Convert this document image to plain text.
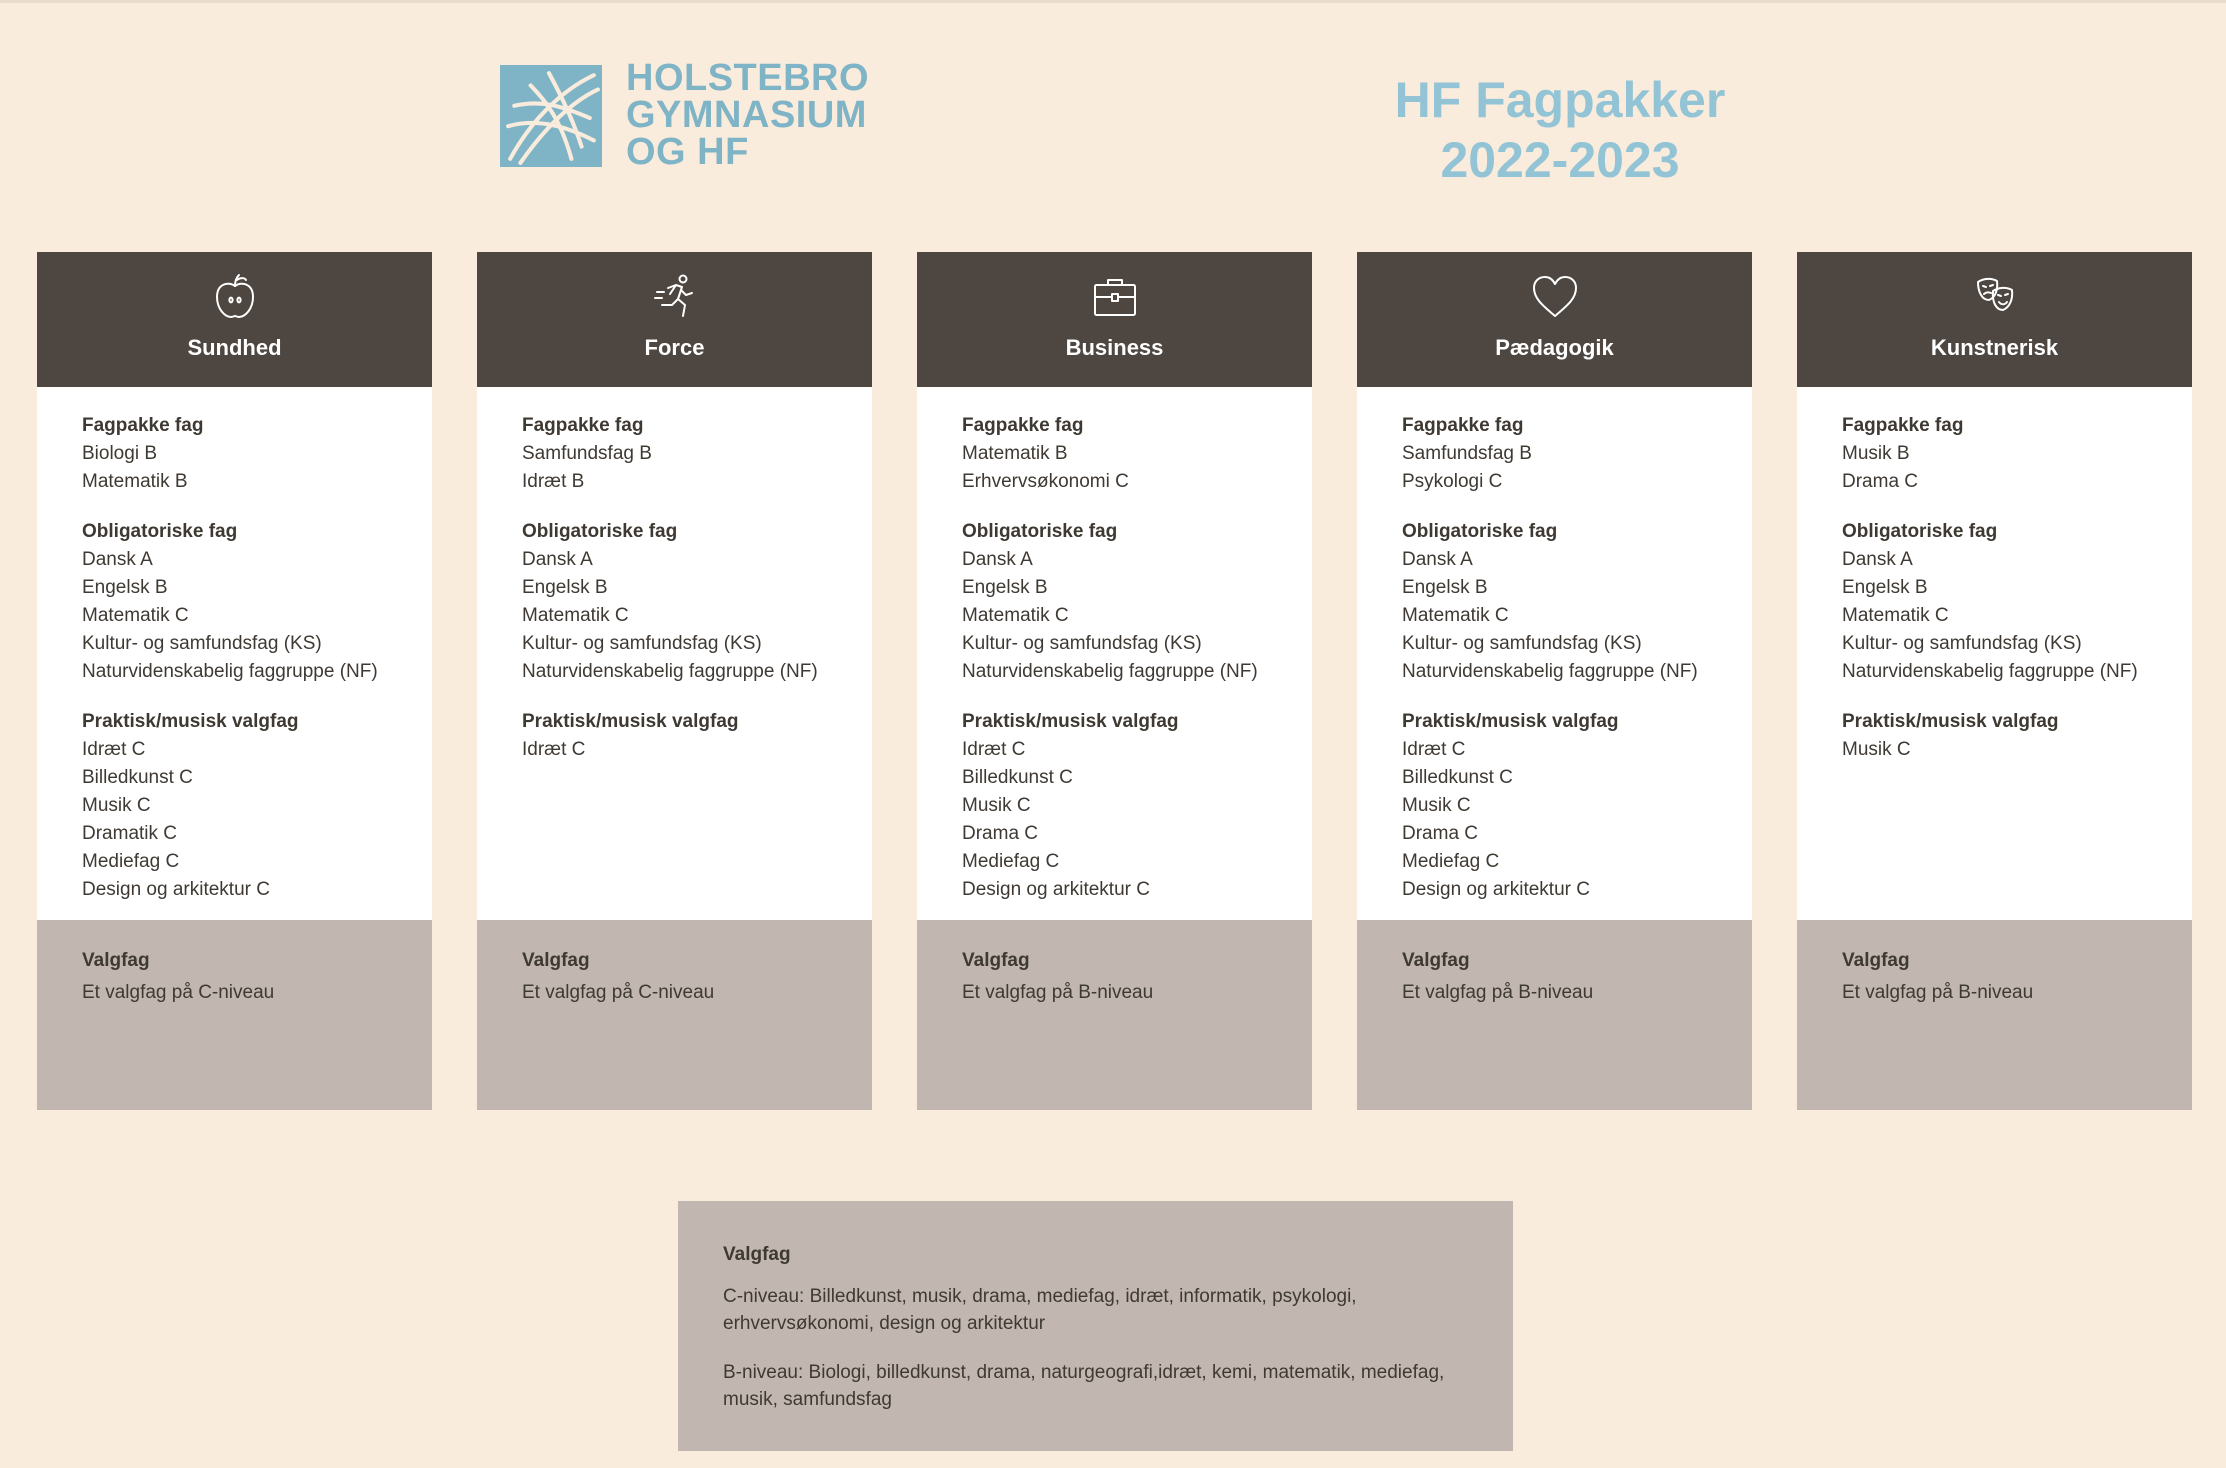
HOLSTEBRO
GYMNASIUM
OG HF
HF Fagpakker
2022-2023
Sundhed
Fagpakke fag
Biologi B
Matematik B
Obligatoriske fag
Dansk A
Engelsk B
Matematik C
Kultur- og samfundsfag (KS)
Naturvidenskabelig faggruppe (NF)
Praktisk/musisk valgfag
Idræt C
Billedkunst C
Musik C
Dramatik C
Mediefag C
Design og arkitektur C
Valgfag
Et valgfag på C-niveau
Force
Fagpakke fag
Samfundsfag B
Idræt B
Obligatoriske fag
Dansk A
Engelsk B
Matematik C
Kultur- og samfundsfag (KS)
Naturvidenskabelig faggruppe (NF)
Praktisk/musisk valgfag
Idræt C
Valgfag
Et valgfag på C-niveau
Business
Fagpakke fag
Matematik B
Erhvervsøkonomi C
Obligatoriske fag
Dansk A
Engelsk B
Matematik C
Kultur- og samfundsfag (KS)
Naturvidenskabelig faggruppe (NF)
Praktisk/musisk valgfag
Idræt C
Billedkunst C
Musik C
Drama C
Mediefag C
Design og arkitektur C
Valgfag
Et valgfag på B-niveau
Pædagogik
Fagpakke fag
Samfundsfag B
Psykologi C
Obligatoriske fag
Dansk A
Engelsk B
Matematik C
Kultur- og samfundsfag (KS)
Naturvidenskabelig faggruppe (NF)
Praktisk/musisk valgfag
Idræt C
Billedkunst C
Musik C
Drama C
Mediefag C
Design og arkitektur C
Valgfag
Et valgfag på B-niveau
Kunstnerisk
Fagpakke fag
Musik B
Drama C
Obligatoriske fag
Dansk A
Engelsk B
Matematik C
Kultur- og samfundsfag (KS)
Naturvidenskabelig faggruppe (NF)
Praktisk/musisk valgfag
Musik C
Valgfag
Et valgfag på B-niveau
Valgfag

C-niveau: Billedkunst, musik, drama, mediefag, idræt, informatik, psykologi, erhvervsøkonomi, design og arkitektur

B-niveau: Biologi, billedkunst, drama, naturgeografi,idræt, kemi, matematik, mediefag, musik, samfundsfag
